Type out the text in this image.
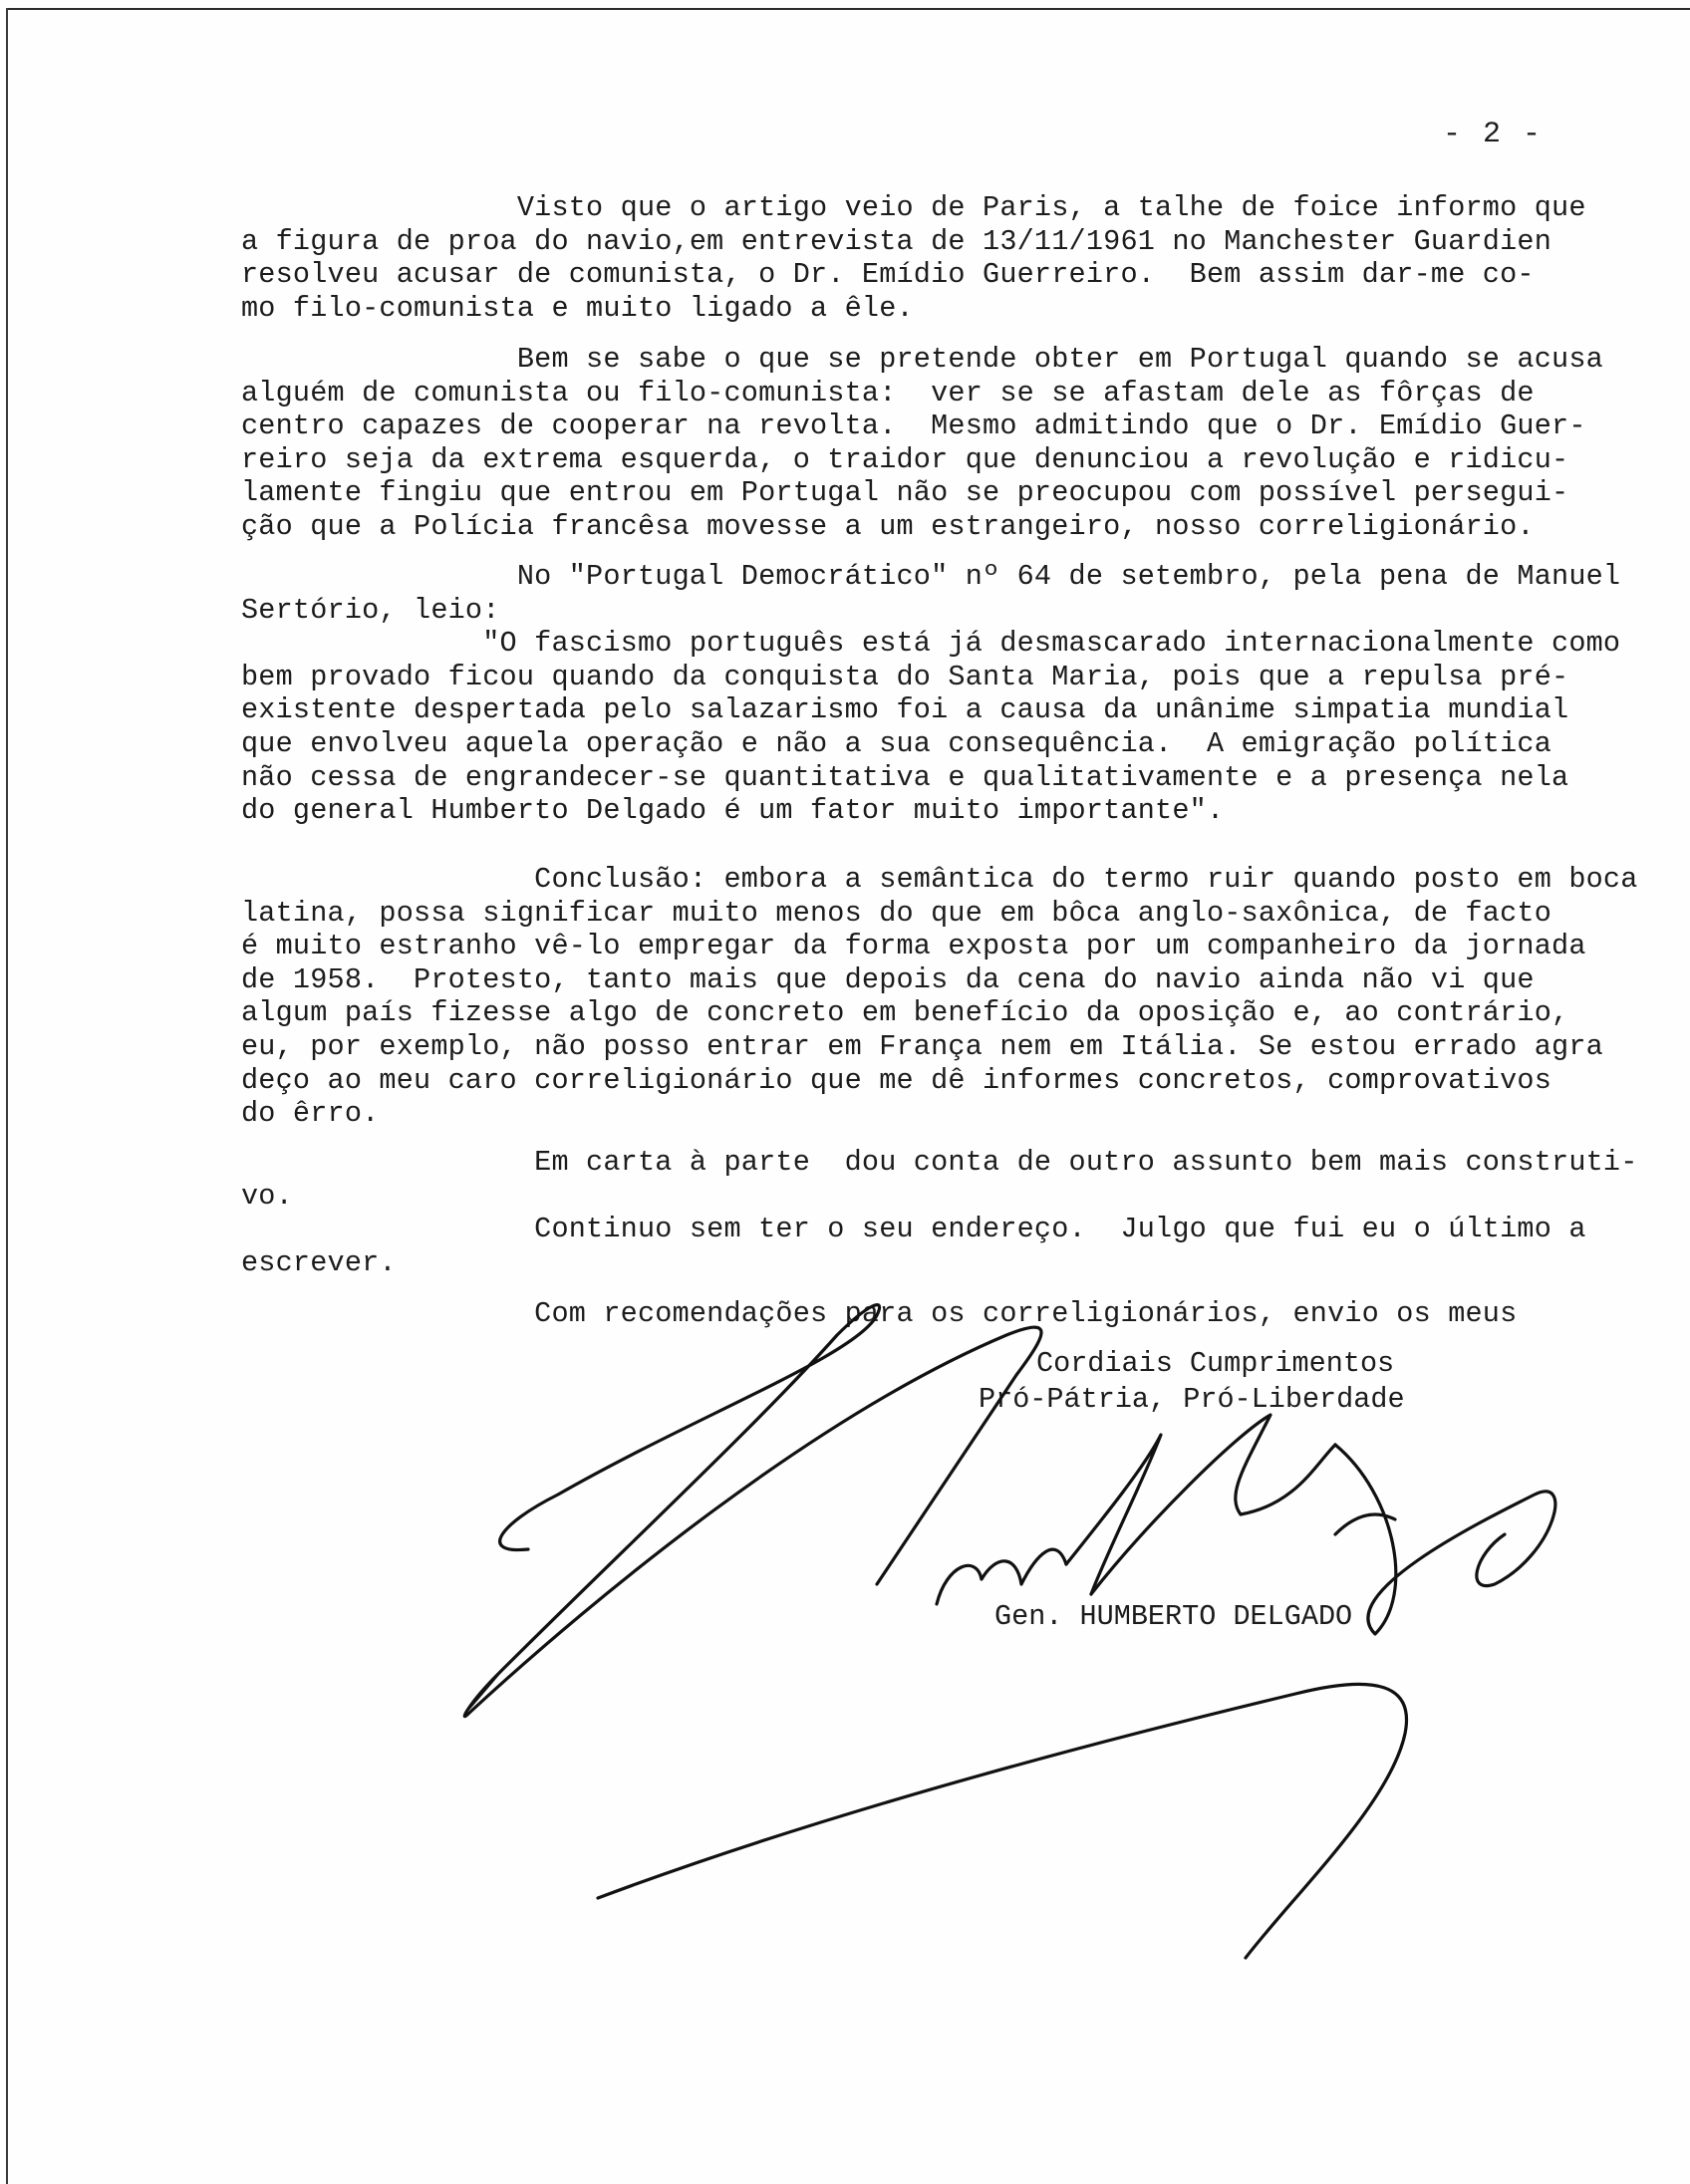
- 2 -
Visto que o artigo veio de Paris, a talhe de foice informo que
a figura de proa do navio,em entrevista de 13/11/1961 no Manchester Guardien
resolveu acusar de comunista, o Dr. Emídio Guerreiro.  Bem assim dar-me co-
mo filo-comunista e muito ligado a êle.
Bem se sabe o que se pretende obter em Portugal quando se acusa
alguém de comunista ou filo-comunista:  ver se se afastam dele as fôrças de
centro capazes de cooperar na revolta.  Mesmo admitindo que o Dr. Emídio Guer-
reiro seja da extrema esquerda, o traidor que denunciou a revolução e ridicu-
lamente fingiu que entrou em Portugal não se preocupou com possível persegui-
ção que a Polícia francêsa movesse a um estrangeiro, nosso correligionário.
No "Portugal Democrático" nº 64 de setembro, pela pena de Manuel
Sertório, leio:
"O fascismo português está já desmascarado internacionalmente como
bem provado ficou quando da conquista do Santa Maria, pois que a repulsa pré-
existente despertada pelo salazarismo foi a causa da unânime simpatia mundial
que envolveu aquela operação e não a sua consequência.  A emigração política
não cessa de engrandecer-se quantitativa e qualitativamente e a presença nela
do general Humberto Delgado é um fator muito importante".
Conclusão: embora a semântica do termo ruir quando posto em boca
latina, possa significar muito menos do que em bôca anglo-saxônica, de facto
é muito estranho vê-lo empregar da forma exposta por um companheiro da jornada
de 1958.  Protesto, tanto mais que depois da cena do navio ainda não vi que
algum país fizesse algo de concreto em benefício da oposição e, ao contrário,
eu, por exemplo, não posso entrar em França nem em Itália. Se estou errado agra
deço ao meu caro correligionário que me dê informes concretos, comprovativos
do êrro.
Em carta à parte  dou conta de outro assunto bem mais construti-
vo.
Continuo sem ter o seu endereço.  Julgo que fui eu o último a
escrever.
Com recomendações para os correligionários, envio os meus
Cordiais Cumprimentos
Pró-Pátria, Pró-Liberdade
Gen. HUMBERTO DELGADO
